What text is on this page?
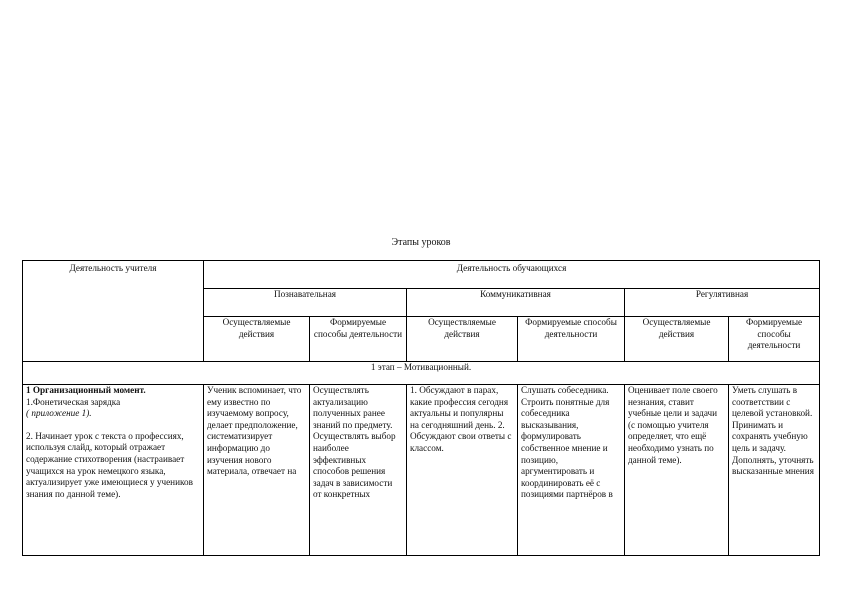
Этапы уроков
Деятельность учителя	Деятельность обучающихся					

	Познавательная		Коммуникативная		Регулятивная	
	Осуществляемые действия	Формируемые способы деятельности	Осуществляемые действия	Формируемые способы деятельности	Осуществляемые действия	Формируемые способы деятельности
1 этап – Мотивационный.						

1 Организационный момент.
1.Фонетическая зарядка
( приложение 1).
2. Начинает урок с текста о профессиях, используя слайд, который отражает содержание стихотворения (настраивает учащихся на урок немецкого языка, актуализирует уже имеющиеся у учеников знания по данной теме).	Ученик вспоминает, что ему известно по изучаемому вопросу, делает предположение, систематизирует информацию до изучения нового материала, отвечает на	Осуществлять актуализацию полученных ранее знаний по предмету. Осуществлять выбор наиболее эффективных способов решения задач в зависимости от конкретных	1. Обсуждают в парах, какие профессия сегодня актуальны и популярны на сегодняшний день. 2. Обсуждают свои ответы с классом.	Слушать собеседника. Строить понятные для собеседника высказывания, формулировать собственное мнение и позицию, аргументировать и координировать её с позициями партнёров в	Оценивает поле своего незнания, ставит учебные цели и задачи (с помощью учителя определяет, что ещё необходимо узнать по данной теме).	Уметь слушать в соответствии с целевой установкой. Принимать и сохранять учебную цель и задачу. Дополнять, уточнять высказанные мнения
